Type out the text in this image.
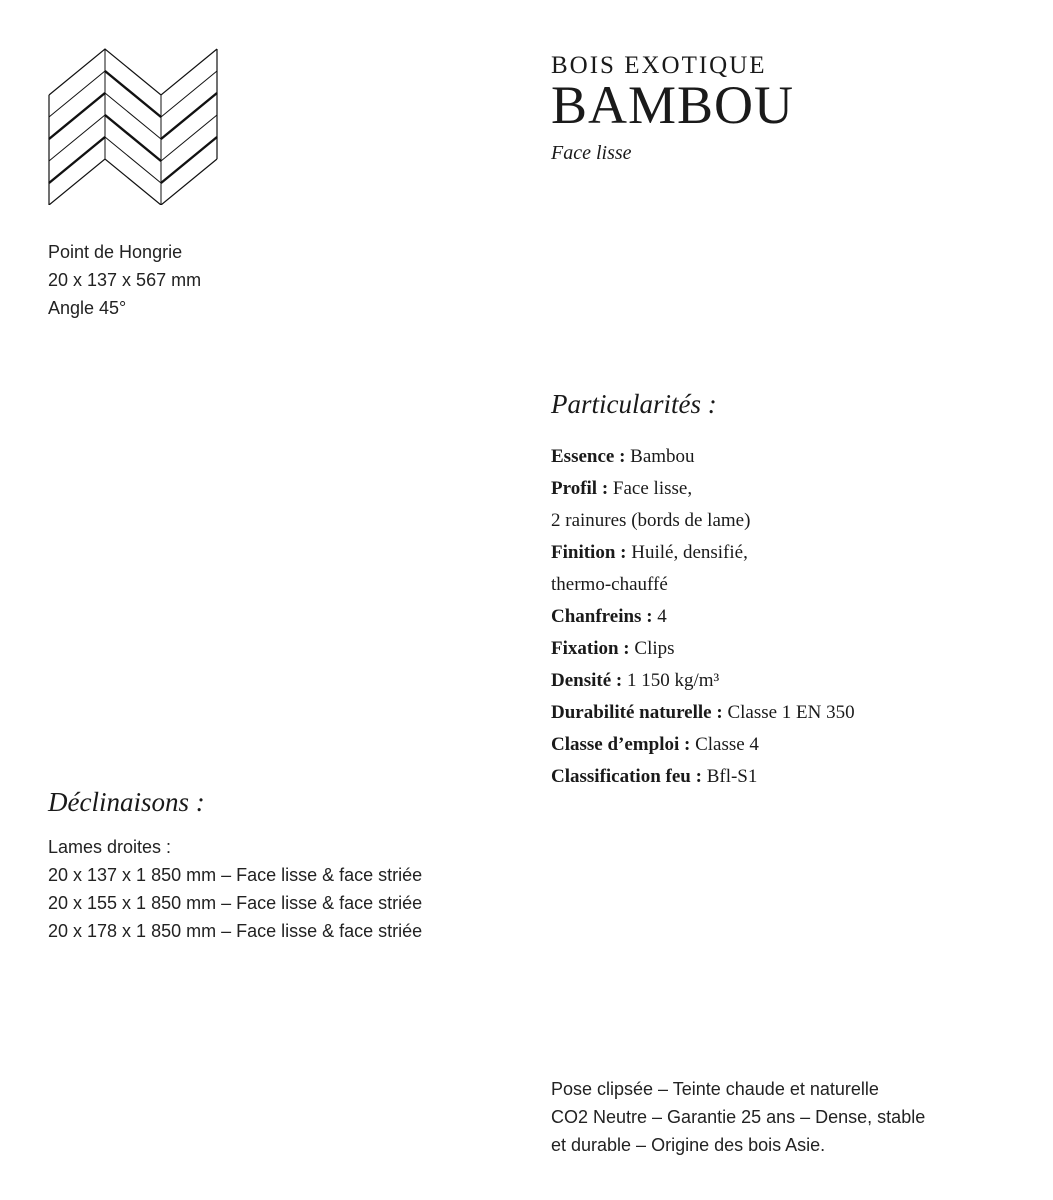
Point de Hongrie
20 x 137 x 567 mm
Angle 45°
BOIS EXOTIQUE
BAMBOU
Face lisse
Particularités :
Essence : Bambou
Profil : Face lisse,
2 rainures (bords de lame)
Finition : Huilé, densifié,
thermo-chauffé
Chanfreins : 4
Fixation : Clips
Densité : 1 150 kg/m³
Durabilité naturelle : Classe 1 EN 350
Classe d’emploi : Classe 4
Classification feu : Bfl-S1
Déclinaisons :
Lames droites :
20 x 137 x 1 850 mm – Face lisse & face striée
20 x 155 x 1 850 mm – Face lisse & face striée
20 x 178 x 1 850 mm – Face lisse & face striée
Pose clipsée – Teinte chaude et naturelle
CO2 Neutre – Garantie 25 ans – Dense, stable
et durable – Origine des bois Asie.
